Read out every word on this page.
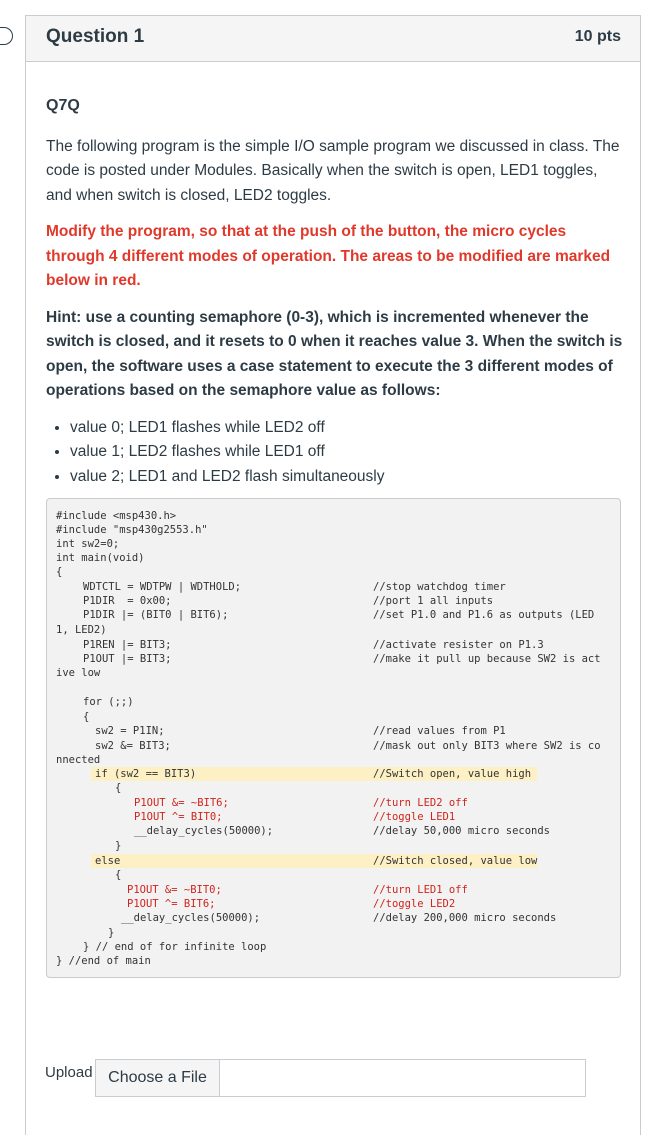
Question 1	10 pts
Q7Q

The following program is the simple I/O sample program we discussed in class. The code is posted under Modules. Basically when the switch is open, LED1 toggles, and when switch is closed, LED2 toggles.

Modify the program, so that at the push of the button, the micro cycles through 4 different modes of operation. The areas to be modified are marked below in red.

Hint: use a counting semaphore (0-3), which is incremented whenever the switch is closed, and it resets to 0 when it reaches value 3. When the switch is open, the software uses a case statement to execute the 3 different modes of operations based on the semaphore value as follows:

• value 0; LED1 flashes while LED2 off
• value 1; LED2 flashes while LED1 off
• value 2; LED1 and LED2 flash simultaneously
#include <msp430.h>
#include "msp430g2553.h"
int sw2=0;
int main(void)
{
WDTCTL = WDTPW | WDTHOLD;	//stop watchdog timer
P1DIR  = 0x00;	//port 1 all inputs
P1DIR |= (BIT0 | BIT6);	//set P1.0 and P1.6 as outputs (LED
1, LED2)
P1REN |= BIT3;	//activate resister on P1.3
P1OUT |= BIT3;	//make it pull up because SW2 is act
ive low
for (;;)
{
sw2 = P1IN;	//read values from P1
sw2 &= BIT3;	//mask out only BIT3 where SW2 is co
nnected
if (sw2 == BIT3)	//Switch open, value high
{
P1OUT &= ~BIT6;	//turn LED2 off
P1OUT ^= BIT0;	//toggle LED1
__delay_cycles(50000);	//delay 50,000 micro seconds
}
else	//Switch closed, value low
{
P1OUT &= ~BIT0;	//turn LED1 off
P1OUT ^= BIT6;	//toggle LED2
__delay_cycles(50000);	//delay 200,000 micro seconds
}
} // end of for infinite loop
} //end of main
Upload Choose a File
